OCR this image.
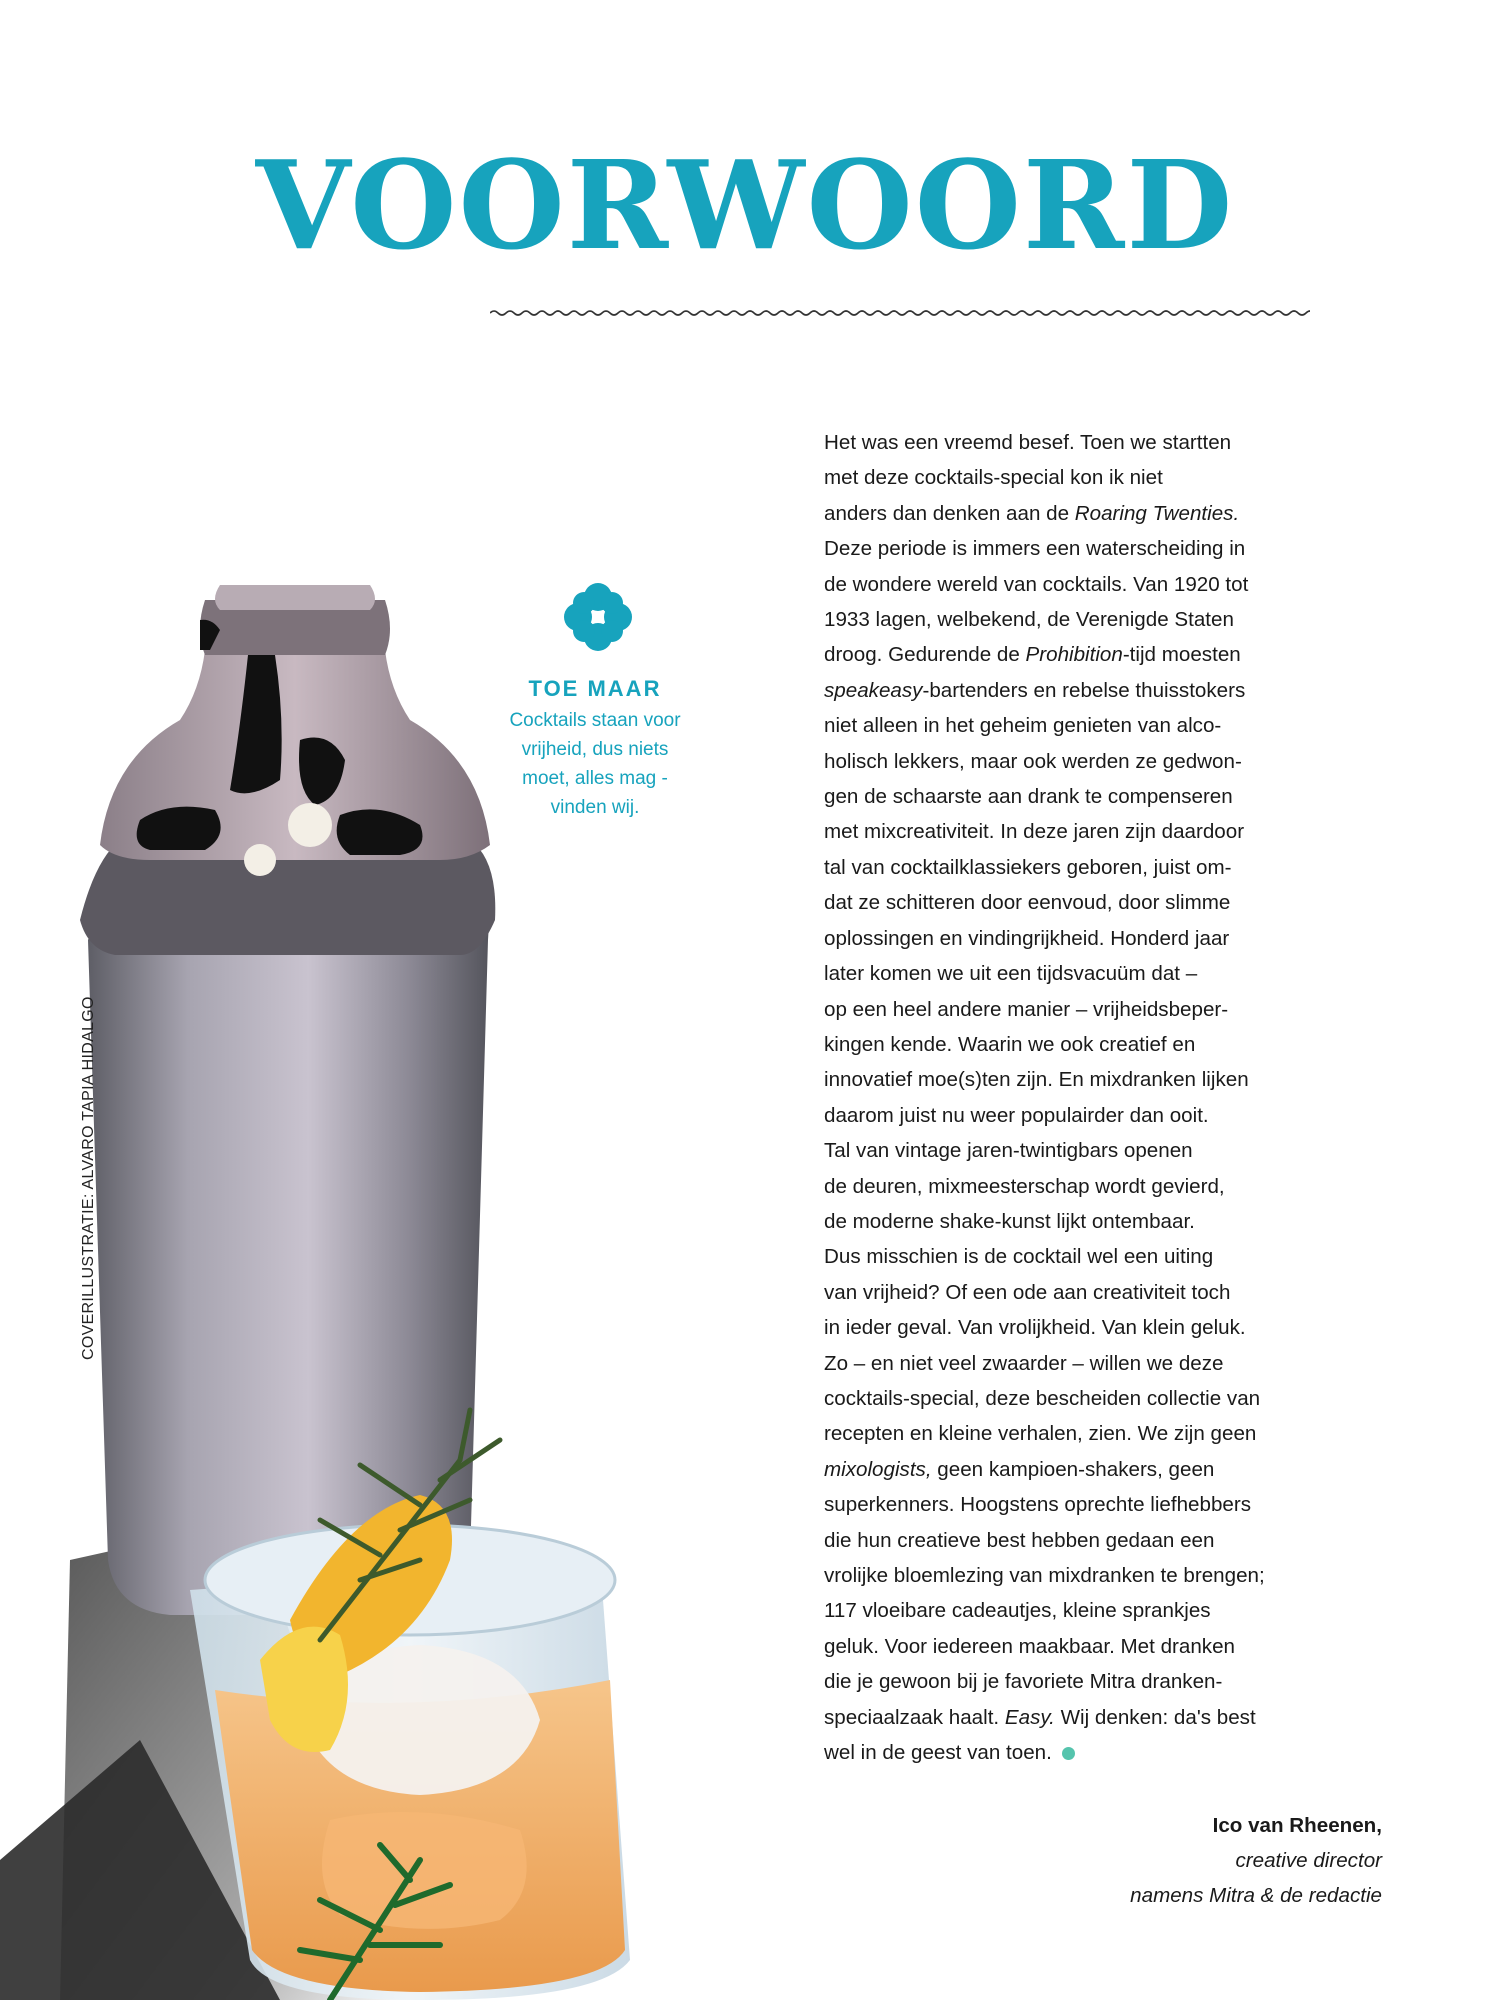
VOORWOORD
COVERILLUSTRATIE: ALVARO TAPIA HIDALGO

TOE MAAR

Cocktails staan voor
vrijheid, dus niets
moet, alles mag -
vinden wij.

Het was een vreemd besef. Toen we startten
met deze cocktails-special kon ik niet
anders dan denken aan de Roaring Twenties.
Deze periode is immers een waterscheiding in
de wondere wereld van cocktails. Van 1920 tot
1933 lagen, welbekend, de Verenigde Staten
droog. Gedurende de Prohibition-tijd moesten
speakeasy-bartenders en rebelse thuisstokers
niet alleen in het geheim genieten van alco-
holisch lekkers, maar ook werden ze gedwon-
gen de schaarste aan drank te compenseren
met mixcreativiteit. In deze jaren zijn daardoor
tal van cocktailklassiekers geboren, juist om-
dat ze schitteren door eenvoud, door slimme
oplossingen en vindingrijkheid. Honderd jaar
later komen we uit een tijdsvacuüm dat –
op een heel andere manier – vrijheidsbeper-
kingen kende. Waarin we ook creatief en
innovatief moe(s)ten zijn. En mixdranken lijken
daarom juist nu weer populairder dan ooit.
Tal van vintage jaren-twintigbars openen
de deuren, mixmeesterschap wordt gevierd,
de moderne shake-kunst lijkt ontembaar.
Dus misschien is de cocktail wel een uiting
van vrijheid? Of een ode aan creativiteit toch
in ieder geval. Van vrolijkheid. Van klein geluk.
Zo – en niet veel zwaarder – willen we deze
cocktails-special, deze bescheiden collectie van
recepten en kleine verhalen, zien. We zijn geen
mixologists, geen kampioen-shakers, geen
superkenners. Hoogstens oprechte liefhebbers
die hun creatieve best hebben gedaan een
vrolijke bloemlezing van mixdranken te brengen;
117 vloeibare cadeautjes, kleine sprankjes
geluk. Voor iedereen maakbaar. Met dranken
die je gewoon bij je favoriete Mitra dranken-
speciaalzaak haalt. Easy. Wij denken: da's best
wel in de geest van toen.
Ico van Rheenen,
creative director
namens Mitra & de redactie
